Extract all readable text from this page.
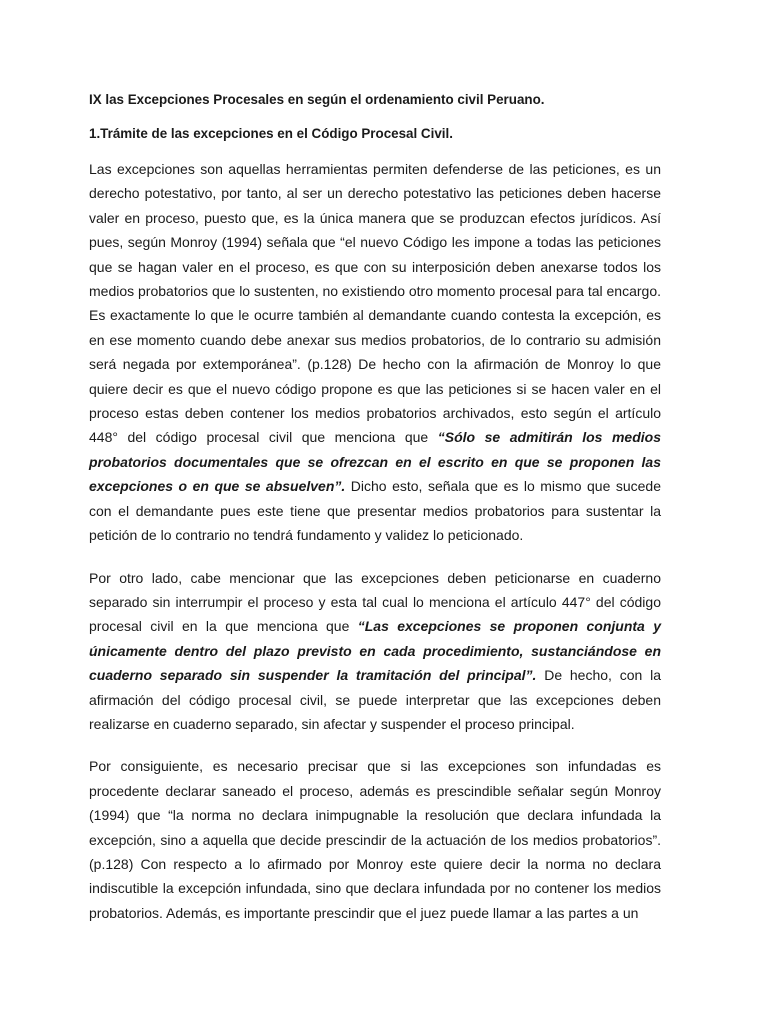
IX las Excepciones Procesales en según el ordenamiento civil Peruano.

1.Trámite de las excepciones en el Código Procesal Civil.

Las excepciones son aquellas herramientas permiten defenderse de las peticiones, es un derecho potestativo, por tanto, al ser un derecho potestativo las peticiones deben hacerse valer en proceso, puesto que, es la única manera que se produzcan efectos jurídicos. Así pues, según Monroy (1994) señala que “el nuevo Código les impone a todas las peticiones que se hagan valer en el proceso, es que con su interposición deben anexarse todos los medios probatorios que lo sustenten, no existiendo otro momento procesal para tal encargo. Es exactamente lo que le ocurre también al demandante cuando contesta la excepción, es en ese momento cuando debe anexar sus medios probatorios, de lo contrario su admisión será negada por extemporánea”. (p.128) De hecho con la afirmación de Monroy lo que quiere decir es que el nuevo código propone es que las peticiones si se hacen valer en el proceso estas deben contener los medios probatorios archivados, esto según el artículo 448° del código procesal civil que menciona que “Sólo se admitirán los medios probatorios documentales que se ofrezcan en el escrito en que se proponen las excepciones o en que se absuelven”. Dicho esto, señala que es lo mismo que sucede con el demandante pues este tiene que presentar medios probatorios para sustentar la petición de lo contrario no tendrá fundamento y validez lo peticionado.

Por otro lado, cabe mencionar que las excepciones deben peticionarse en cuaderno separado sin interrumpir el proceso y esta tal cual lo menciona el artículo 447° del código procesal civil en la que menciona que “Las excepciones se proponen conjunta y únicamente dentro del plazo previsto en cada procedimiento, sustanciándose en cuaderno separado sin suspender la tramitación del principal”. De hecho, con la afirmación del código procesal civil, se puede interpretar que las excepciones deben realizarse en cuaderno separado, sin afectar y suspender el proceso principal.

Por consiguiente, es necesario precisar que si las excepciones son infundadas es procedente declarar saneado el proceso, además es prescindible señalar según Monroy (1994) que “la norma no declara inimpugnable la resolución que declara infundada la excepción, sino a aquella que decide prescindir de la actuación de los medios probatorios”. (p.128) Con respecto a lo afirmado por Monroy este quiere decir la norma no declara indiscutible la excepción infundada, sino que declara infundada por no contener los medios probatorios. Además, es importante prescindir que el juez puede llamar a las partes a un
